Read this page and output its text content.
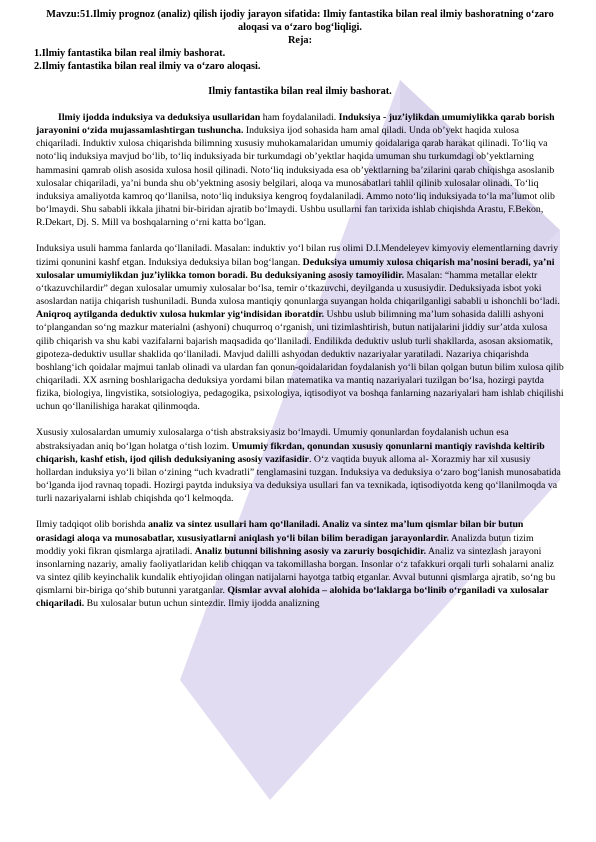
Mavzu:51.Ilmiy prognoz (analiz) qilish ijodiy jarayon sifatida: Ilmiy fantastika bilan real ilmiy bashoratning o‘zaro aloqasi va o‘zaro bog‘liqligi.

Reja:

1.Ilmiy fantastika bilan real ilmiy bashorat.

2.Ilmiy fantastika bilan real ilmiy va o‘zaro aloqasi.

Ilmiy fantastika bilan real ilmiy bashorat.

Ilmiy ijodda induksiya va deduksiya usullaridan ham foydalaniladi. Induksiya - juz’iylikdan umumiylikka qarab borish jarayonini o‘zida mujassamlashtirgan tushuncha. Induksiya ijod sohasida ham amal qiladi. Unda ob’yekt haqida xulosa chiqariladi. Induktiv xulosa chiqarishda bilimning xususiy muhokamalaridan umumiy qoidalariga qarab harakat qilinadi. To‘liq va noto‘liq induksiya mavjud bo‘lib, to‘liq induksiyada bir turkumdagi ob’yektlar haqida umuman shu turkumdagi ob’yektlarning hammasini qamrab olish asosida xulosa hosil qilinadi. Noto‘liq induksiyada esa ob’yektlarning ba’zilarini qarab chiqishga asoslanib xulosalar chiqariladi, ya’ni bunda shu ob’yektning asosiy belgilari, aloqa va munosabatlari tahlil qilinib xulosalar olinadi. To‘liq induksiya amaliyotda kamroq qo‘llanilsa, noto‘liq induksiya kengroq foydalaniladi. Ammo noto‘liq induksiyada to‘la ma’lumot olib bo‘lmaydi. Shu sababli ikkala jihatni bir-biridan ajratib bo‘lmaydi. Ushbu usullarni fan tarixida ishlab chiqishda Arastu, F.Bekon, R.Dekart, Dj. S. Mill va boshqalarning o‘rni katta bo‘lgan.

Induksiya usuli hamma fanlarda qo‘llaniladi. Masalan: induktiv yo‘l bilan rus olimi D.I.Mendeleyev kimyoviy elementlarning davriy tizimi qonunini kashf etgan. Induksiya deduksiya bilan bog‘langan. Deduksiya umumiy xulosa chiqarish ma’nosini beradi, ya’ni xulosalar umumiylikdan juz’iylikka tomon boradi. Bu deduksiyaning asosiy tamoyilidir. Masalan: “hamma metallar elektr o‘tkazuvchilardir” degan xulosalar umumiy xulosalar bo‘lsa, temir o‘tkazuvchi, deyilganda u xususiydir. Deduksiyada isbot yoki asoslardan natija chiqarish tushuniladi. Bunda xulosa mantiqiy qonunlarga suyangan holda chiqarilganligi sababli u ishonchli bo‘ladi. Aniqroq aytilganda deduktiv xulosa hukmlar yig‘indisidan iboratdir. Ushbu uslub bilimning ma’lum sohasida dalilli ashyoni to‘plangandan so‘ng mazkur materialni (ashyoni) chuqurroq o‘rganish, uni tizimlashtirish, butun natijalarini jiddiy sur’atda xulosa qilib chiqarish va shu kabi vazifalarni bajarish maqsadida qo‘llaniladi. Endilikda deduktiv uslub turli shakllarda, asosan aksiomatik, gipoteza-deduktiv usullar shaklida qo‘llaniladi. Mavjud dalilli ashyodan deduktiv nazariyalar yaratiladi. Nazariya chiqarishda boshlang‘ich qoidalar majmui tanlab olinadi va ulardan fan qonun-qoidalaridan foydalanish yo‘li bilan qolgan butun bilim xulosa qilib chiqariladi. XX asrning boshlarigacha deduksiya yordami bilan matematika va mantiq nazariyalari tuzilgan bo‘lsa, hozirgi paytda fizika, biologiya, lingvistika, sotsiologiya, pedagogika, psixologiya, iqtisodiyot va boshqa fanlarning nazariyalari ham ishlab chiqilishi uchun qo‘llanilishiga harakat qilinmoqda.

Xususiy xulosalardan umumiy xulosalarga o‘tish abstraksiyasiz bo‘lmaydi. Umumiy qonunlardan foydalanish uchun esa abstraksiyadan aniq bo‘lgan holatga o‘tish lozim. Umumiy fikrdan, qonundan xususiy qonunlarni mantiqiy ravishda keltirib chiqarish, kashf etish, ijod qilish deduksiyaning asosiy vazifasidir. O‘z vaqtida buyuk alloma al- Xorazmiy har xil xususiy hollardan induksiya yo‘li bilan o‘zining “uch kvadratli” tenglamasini tuzgan. Induksiya va deduksiya o‘zaro bog‘lanish munosabatida bo‘lganda ijod ravnaq topadi. Hozirgi paytda induksiya va deduksiya usullari fan va texnikada, iqtisodiyotda keng qo‘llanilmoqda va turli nazariyalarni ishlab chiqishda qo‘l kelmoqda.

Ilmiy tadqiqot olib borishda analiz va sintez usullari ham qo‘llaniladi. Analiz va sintez ma’lum qismlar bilan bir butun orasidagi aloqa va munosabatlar, xususiyatlarni aniqlash yo‘li bilan bilim beradigan jarayonlardir. Analizda butun tizim moddiy yoki fikran qismlarga ajratiladi. Analiz butunni bilishning asosiy va zaruriy bosqichidir. Analiz va sintezlash jarayoni insonlarning nazariy, amaliy faoliyatlaridan kelib chiqqan va takomillasha borgan. Insonlar o‘z tafakkuri orqali turli sohalarni analiz va sintez qilib keyinchalik kundalik ehtiyojidan olingan natijalarni hayotga tatbiq etganlar. Avval butunni qismlarga ajratib, so‘ng bu qismlarni bir-biriga qo‘shib butunni yaratganlar. Qismlar avval alohida – alohida bo‘laklarga bo‘linib o‘rganiladi va xulosalar chiqariladi. Bu xulosalar butun uchun sintezdir. Ilmiy ijodda analizning
